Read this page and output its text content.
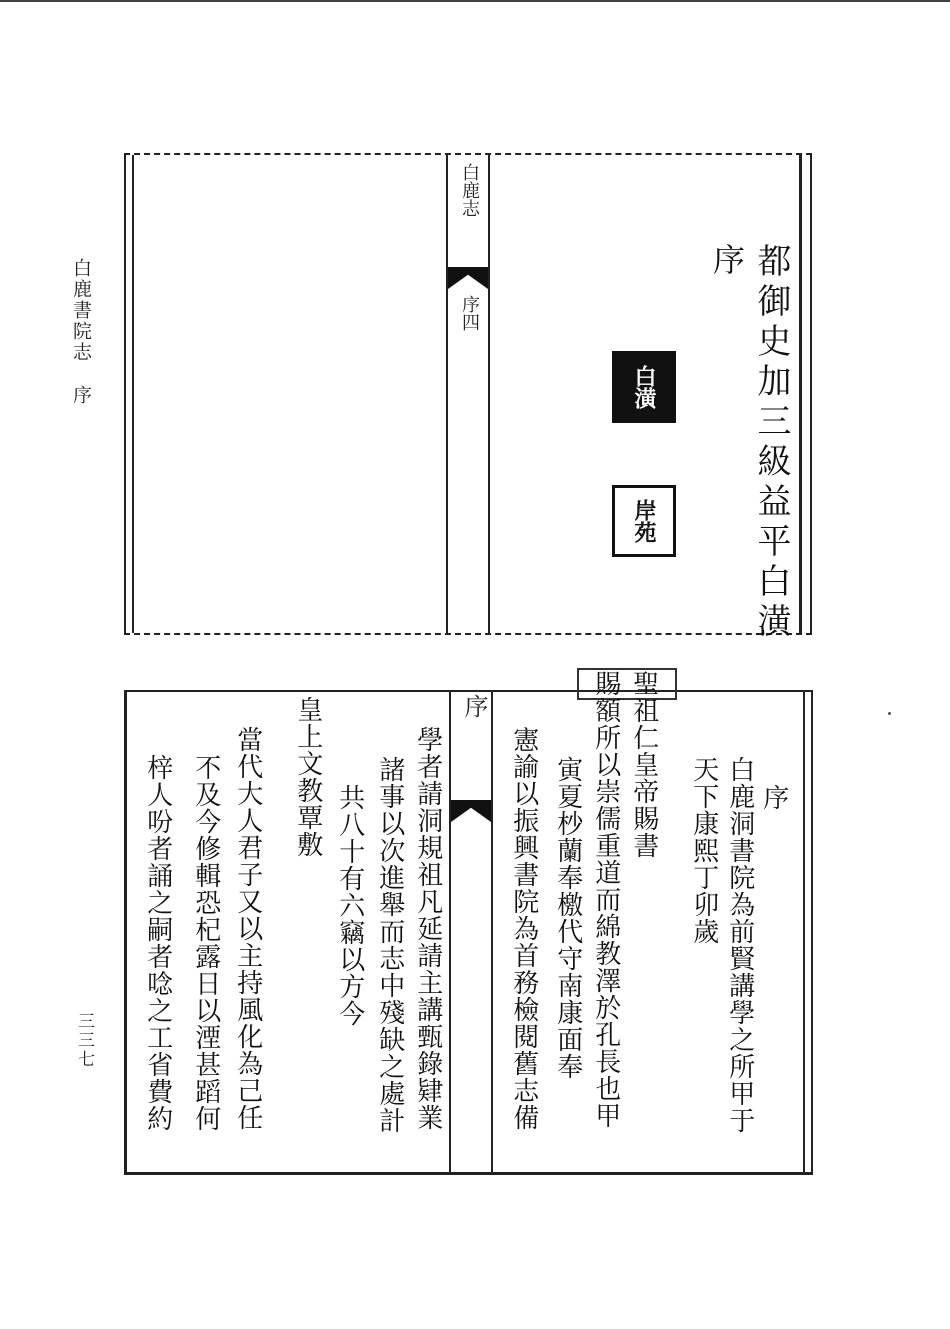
白鹿書院志序
三三七
白鹿志
序四	都御史加三級益平白潢
序
白潢
岸苑
序
序
白鹿洞書院為前賢講學之所甲于
天下康熙丁卯歲
聖祖仁皇帝賜書
賜額所以崇儒重道而綿教澤於孔長也甲
寅夏杪蘭奉檄代守南康面奉
憲諭以振興書院為首務檢閱舊志備
學者請洞規祖凡延請主講甄錄肄業
諸事以次進舉而志中殘缺之處計
共八十有六竊以方今
皇上文教覃敷
當代大人君子又以主持風化為己任
不及今修輯恐杞露日以湮甚蹈何
梓人吩者誦之嗣者唸之工省費約
